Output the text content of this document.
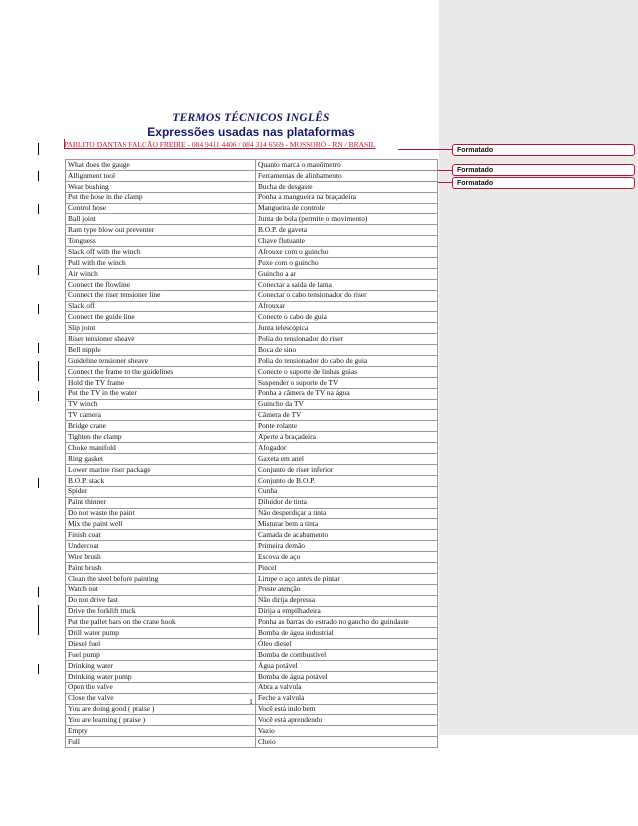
TERMOS TÉCNICOS INGLÊS
Expressões usadas nas plataformas
PABLITO DANTAS FALCÃO FREIRE - 084 9411 4406 / 084 314 6569 - MOSSORÓ - RN / BRASIL
Formatado
Formatado
Formatado
What does the gauge	Quanto marca o manômetro
Allignment tool	Ferramentas de alinhamento
Wear bushing	Bucha de desgaste
Put the hose in the clamp	Ponha a mangueira na braçadeira
Control hose	Mangueira de controle
Ball joint	Junta de bola (permite o movimento)
Ram type blow out preventer	B.O.P. de gaveta
Tonguess	Chave flutuante
Slack off with the winch	Afrouxe com o guincho
Pull with the winch	Puxe com o guincho
Air winch	Guincho a ar
Connect the flowline	Conectar a saída de lama
Connect the riser tensioner line	Conectar o cabo tensionador do riser
Slack off	Afrouxar
Connect the guide line	Conecte o cabo de guia
Slip joint	Junta telescópica
Riser tensioner sheave	Polia do tensionador do riser
Bell nipple	Boca de sino
Guideline tensioner sheave	Polia do tensionador do cabo de guia
Connect the frame to the guidelines	Conecte o suporte de linhas guias
Hold the TV frame	Suspender o suporte de TV
Put the TV in the water	Ponha a câmera de TV na água
TV winch	Guincho da TV
TV camera	Câmera de TV
Bridge crane	Ponte rolante
Tighten the clamp	Aperte a braçadeira
Choke manifold	Afogador
Ring gasket	Gaxeta em anel
Lower marine riser package	Conjunto de riser inferior
B.O.P. stack	Conjunto de B.O.P.
Spider	Cunha
Paint thinner	Diluidor de tinta
Do not waste the paint	Não desperdiçar a tinta
Mix the paint well	Misturar bem a tinta
Finish coat	Camada de acabamento
Undercoat	Primeira demão
Wire brush	Escova de aço
Paint brush	Pincel
Clean the steel before painting	Limpe o aço antes de pintar
Watch out	Preste atenção
Do not drive fast	Não dirija depressa
Drive the forklift truck	Dirija a empilhadeira
Put the pallet bars on the crane hook	Ponha as barras do estrado no gancho do guindaste
Drill water pump	Bomba de água industrial
Diesel fuel	Óleo diesel
Fuel pump	Bomba de combustível
Drinking water	Água potável
Drinking water pump	Bomba de água potável
Open the valve	Abra a valvula
Close the valve	Feche a valvula
You are doing good ( praise )	Você está indo bem
You are learning ( praise )	Você está aprendendo
Empty	Vazio
Full	Cheio
1
